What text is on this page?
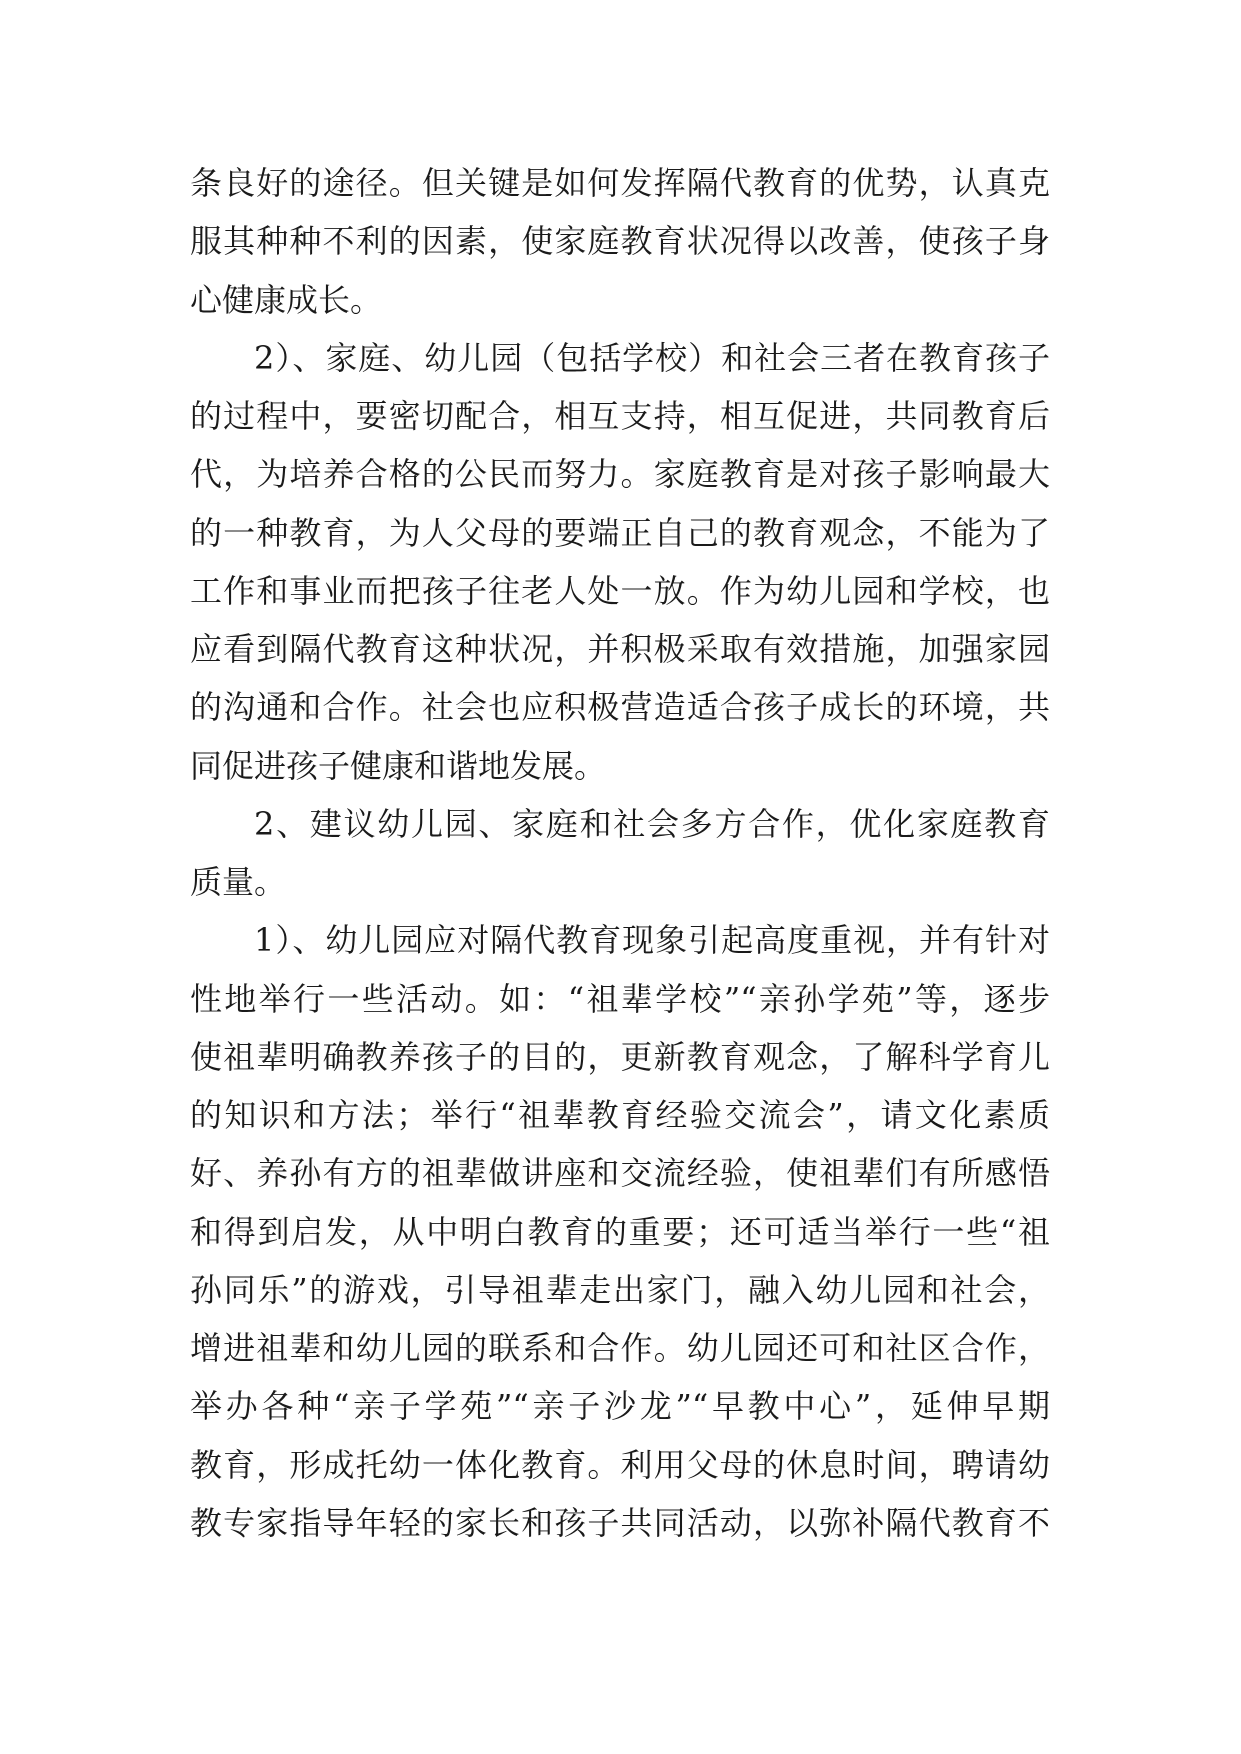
条良好的途径。但关键是如何发挥隔代教育的优势，认真克
服其种种不利的因素，使家庭教育状况得以改善，使孩子身
心健康成长。
2）、家庭、幼儿园（包括学校）和社会三者在教育孩子
的过程中，要密切配合，相互支持，相互促进，共同教育后
代，为培养合格的公民而努力。家庭教育是对孩子影响最大
的一种教育，为人父母的要端正自己的教育观念，不能为了
工作和事业而把孩子往老人处一放。作为幼儿园和学校，也
应看到隔代教育这种状况，并积极采取有效措施，加强家园
的沟通和合作。社会也应积极营造适合孩子成长的环境，共
同促进孩子健康和谐地发展。
2、建议幼儿园、家庭和社会多方合作，优化家庭教育
质量。
1）、幼儿园应对隔代教育现象引起高度重视，并有针对
性地举行一些活动。如：“祖辈学校”“亲孙学苑”等，逐步
使祖辈明确教养孩子的目的，更新教育观念，了解科学育儿
的知识和方法；举行“祖辈教育经验交流会”，请文化素质
好、养孙有方的祖辈做讲座和交流经验，使祖辈们有所感悟
和得到启发，从中明白教育的重要；还可适当举行一些“祖
孙同乐”的游戏，引导祖辈走出家门，融入幼儿园和社会，
增进祖辈和幼儿园的联系和合作。幼儿园还可和社区合作，
举办各种“亲子学苑”“亲子沙龙”“早教中心”，延伸早期
教育，形成托幼一体化教育。利用父母的休息时间，聘请幼
教专家指导年轻的家长和孩子共同活动，以弥补隔代教育不
